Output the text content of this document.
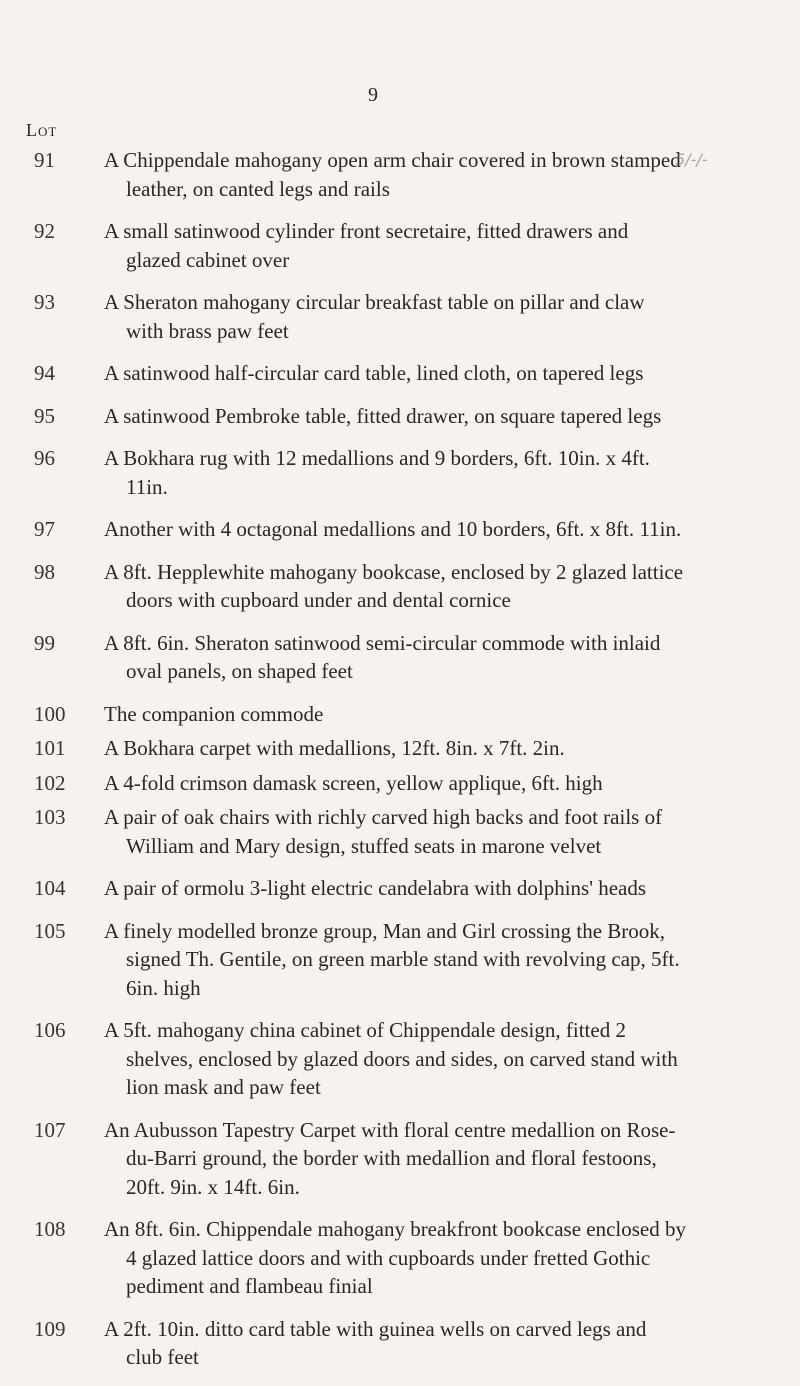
9
Lot
91 A Chippendale mahogany open arm chair covered in brown stamped leather, on canted legs and rails
5/-/-
92 A small satinwood cylinder front secretaire, fitted drawers and glazed cabinet over
93 A Sheraton mahogany circular breakfast table on pillar and claw with brass paw feet
94 A satinwood half-circular card table, lined cloth, on tapered legs
95 A satinwood Pembroke table, fitted drawer, on square tapered legs
96 A Bokhara rug with 12 medallions and 9 borders, 6ft. 10in. x 4ft. 11in.
97 Another with 4 octagonal medallions and 10 borders, 6ft. x 8ft. 11in.
98 A 8ft. Hepplewhite mahogany bookcase, enclosed by 2 glazed lattice doors with cupboard under and dental cornice
99 A 8ft. 6in. Sheraton satinwood semi-circular commode with inlaid oval panels, on shaped feet
100 The companion commode
101 A Bokhara carpet with medallions, 12ft. 8in. x 7ft. 2in.
102 A 4-fold crimson damask screen, yellow applique, 6ft. high
103 A pair of oak chairs with richly carved high backs and foot rails of William and Mary design, stuffed seats in marone velvet
104 A pair of ormolu 3-light electric candelabra with dolphins' heads
105 A finely modelled bronze group, Man and Girl crossing the Brook, signed Th. Gentile, on green marble stand with revolving cap, 5ft. 6in. high
106 A 5ft. mahogany china cabinet of Chippendale design, fitted 2 shelves, enclosed by glazed doors and sides, on carved stand with lion mask and paw feet
107 An Aubusson Tapestry Carpet with floral centre medallion on Rose-du-Barri ground, the border with medallion and floral festoons, 20ft. 9in. x 14ft. 6in.
108 An 8ft. 6in. Chippendale mahogany breakfront bookcase enclosed by 4 glazed lattice doors and with cupboards under fretted Gothic pediment and flambeau finial
109 A 2ft. 10in. ditto card table with guinea wells on carved legs and club feet
